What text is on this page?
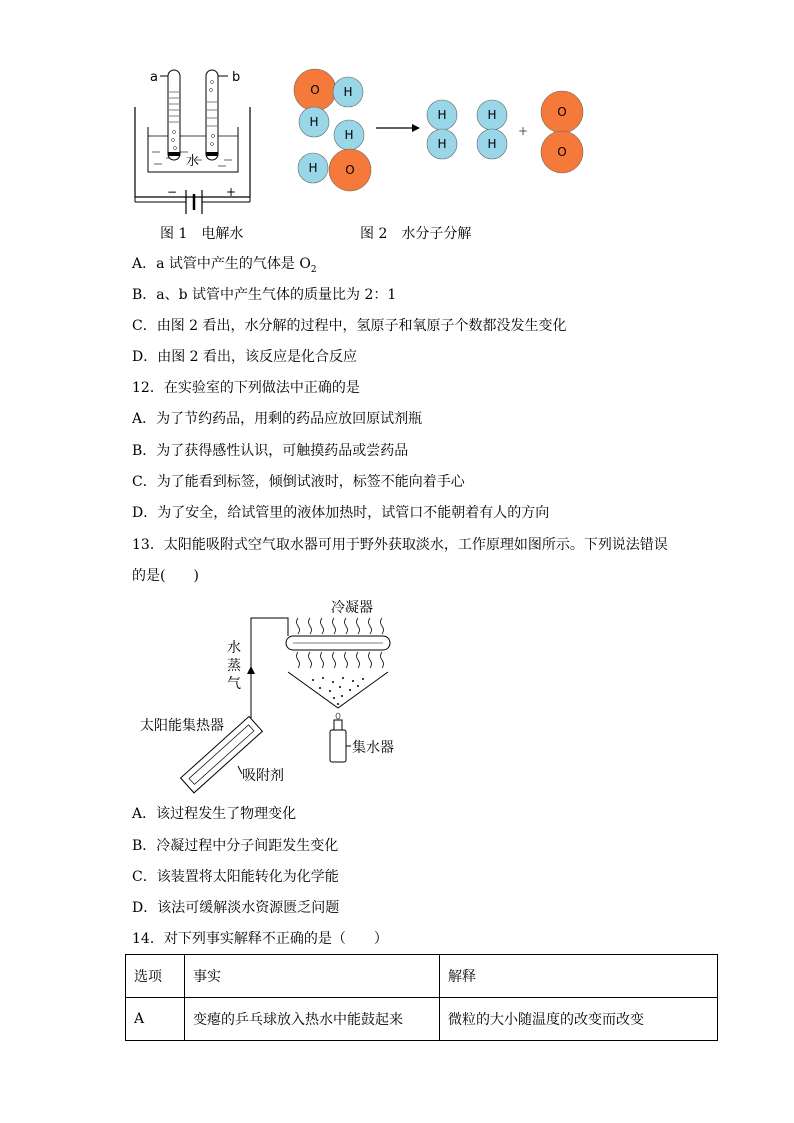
a	b
水
−	+
图 1　电解水
O H
H
H
H O
H
H
H
H
+
O
O
图 2　水分子分解
A．a 试管中产生的气体是 $O_2$
B．a、b 试管中产生气体的质量比为 2：1
C．由图 2 看出，水分解的过程中，氢原子和氧原子个数都没发生变化
D．由图 2 看出，该反应是化合反应
12．在实验室的下列做法中正确的是
A．为了节约药品，用剩的药品应放回原试剂瓶
B．为了获得感性认识，可触摸药品或尝药品
C．为了能看到标签，倾倒试液时，标签不能向着手心
D．为了安全，给试管里的液体加热时，试管口不能朝着有人的方向
13．太阳能吸附式空气取水器可用于野外获取淡水，工作原理如图所示。下列说法错误
的是(　　)
冷凝器
水
蒸
气
太阳能集热器
吸附剂
集水器
A．该过程发生了物理变化
B．冷凝过程中分子间距发生变化
C．该装置将太阳能转化为化学能
D．该法可缓解淡水资源匮乏问题
14．对下列事实解释不正确的是（　　）
选项	事实	解释
A	变瘪的乒乓球放入热水中能鼓起来	微粒的大小随温度的改变而改变
